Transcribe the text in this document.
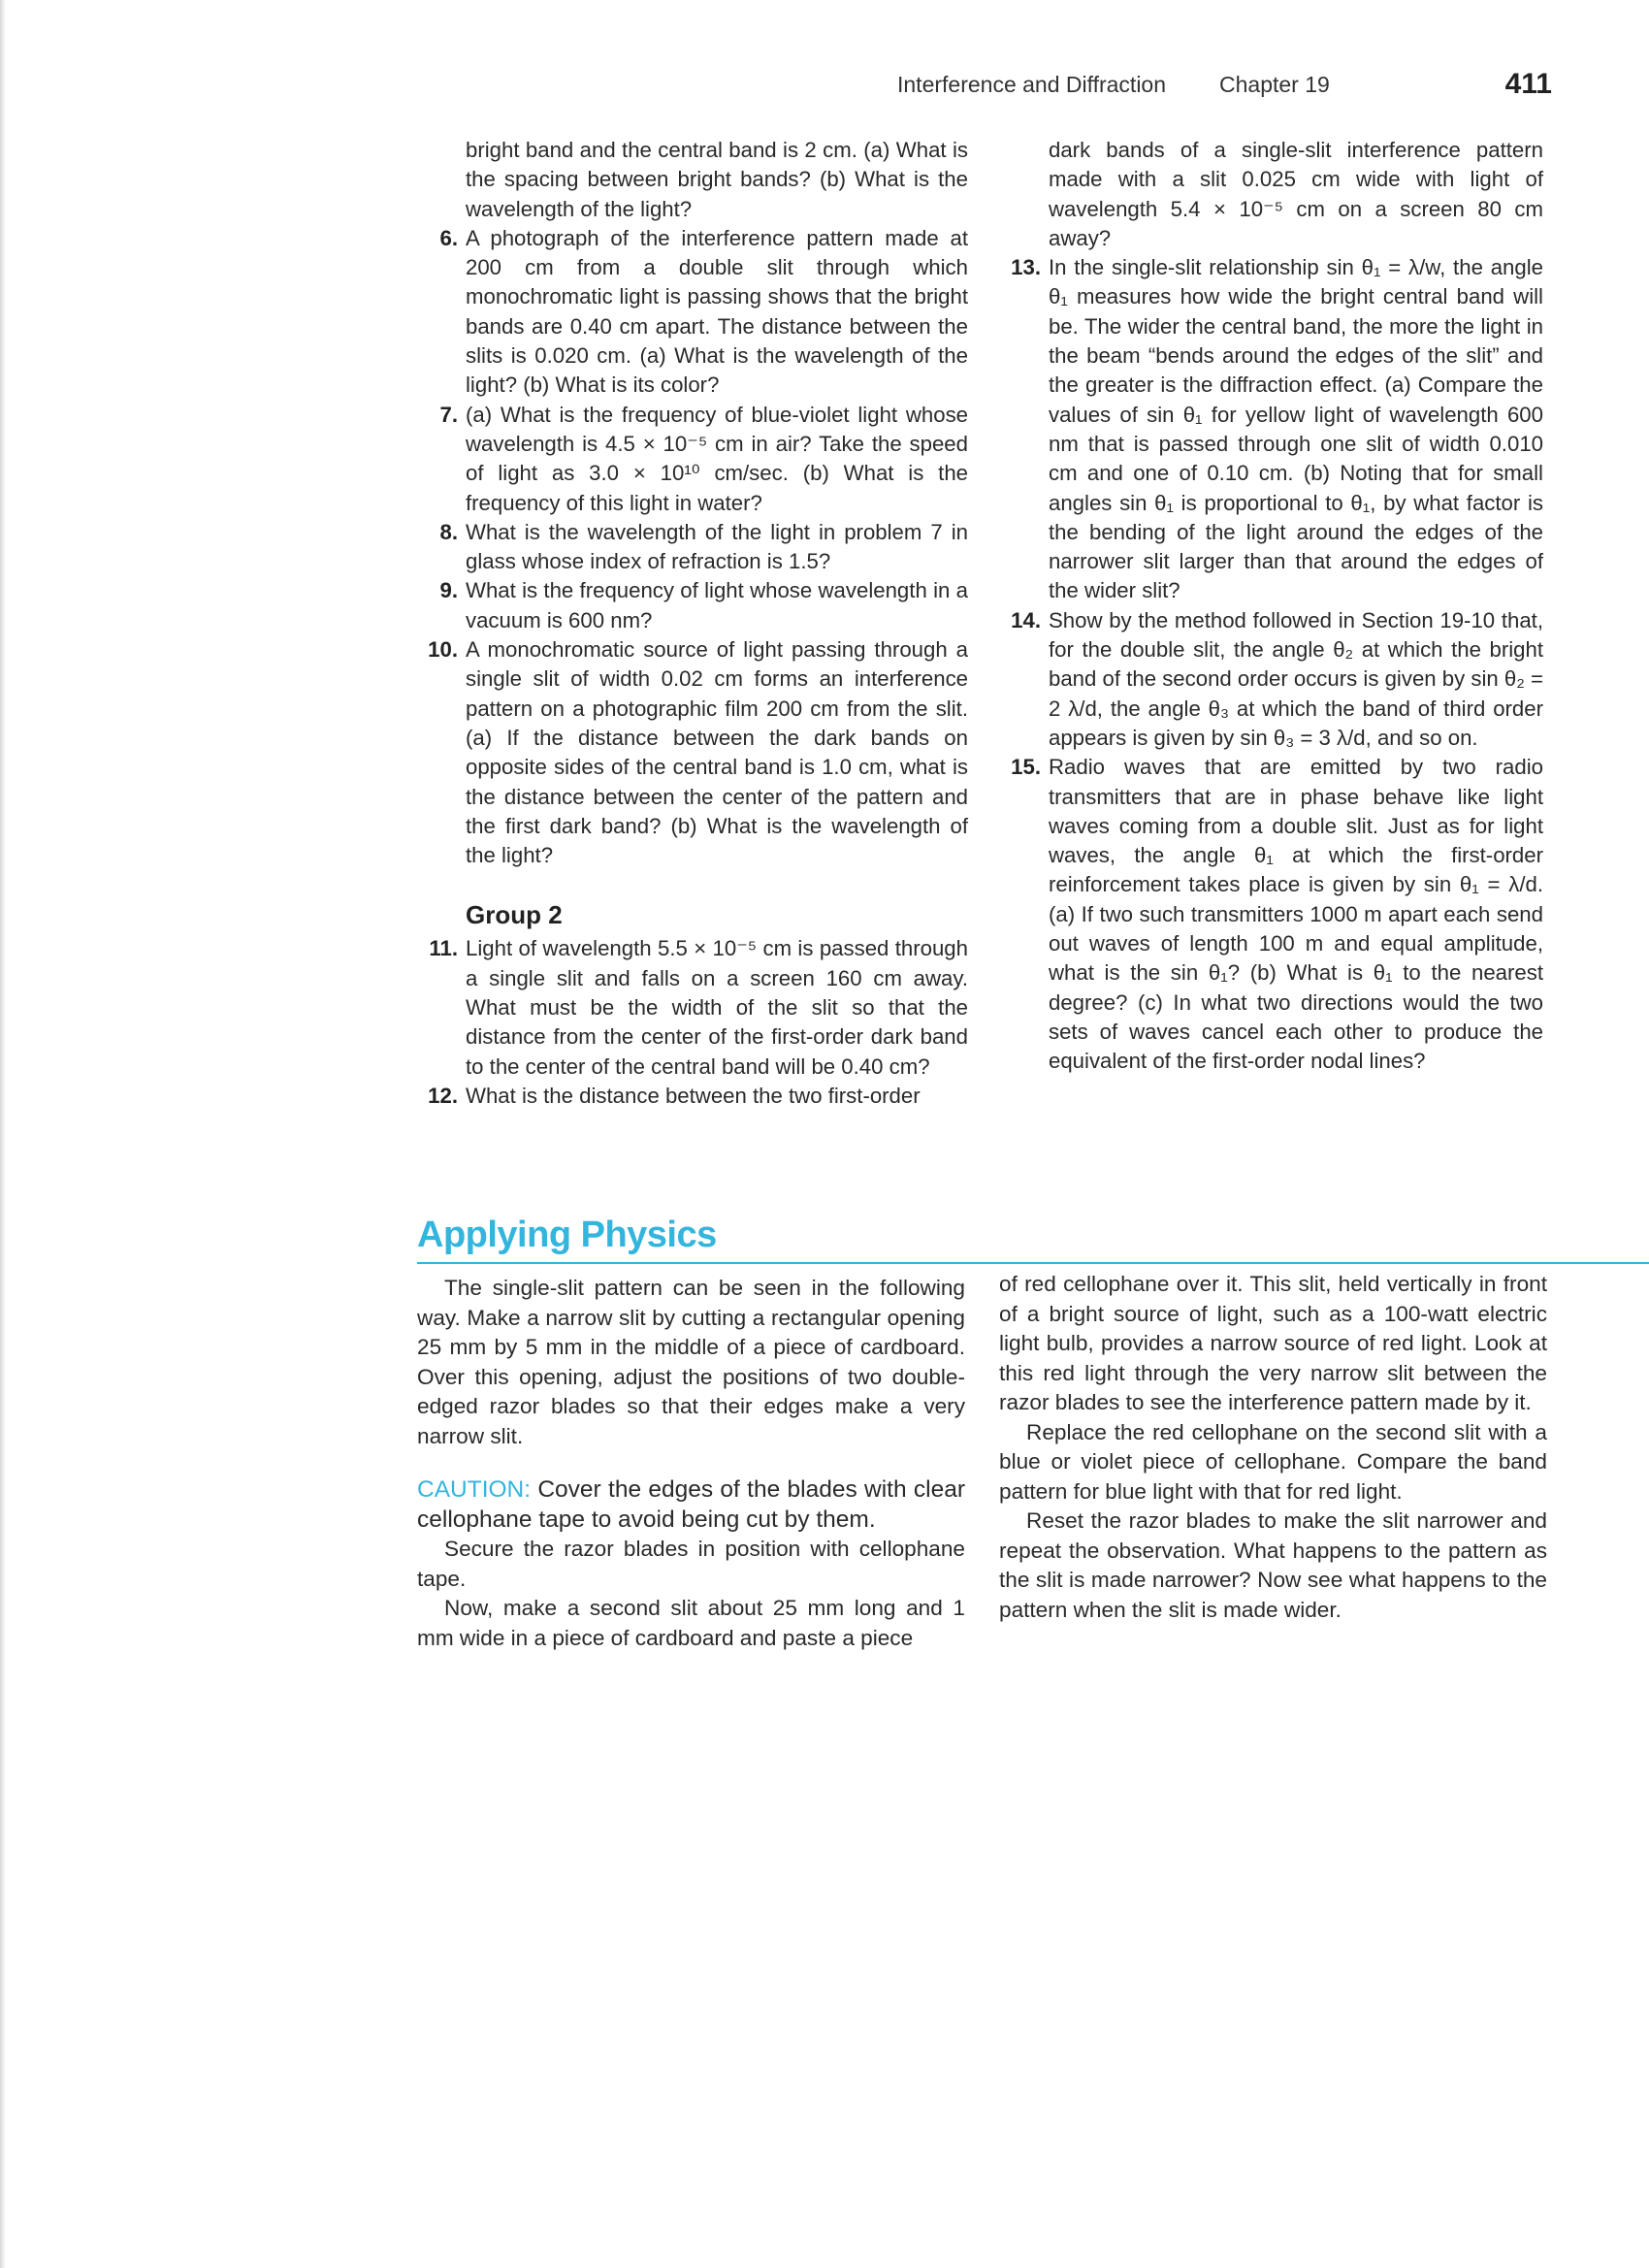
Interference and Diffraction Chapter 19	411

bright band and the central band is 2 cm. (a) What is the spacing between bright bands? (b) What is the wavelength of the light?

6. A photograph of the interference pattern made at 200 cm from a double slit through which monochromatic light is passing shows that the bright bands are 0.40 cm apart. The distance between the slits is 0.020 cm. (a) What is the wavelength of the light? (b) What is its color?

7. (a) What is the frequency of blue-violet light whose wavelength is 4.5 × 10⁻⁵ cm in air? Take the speed of light as 3.0 × 10¹⁰ cm/sec. (b) What is the frequency of this light in water?

8. What is the wavelength of the light in problem 7 in glass whose index of refraction is 1.5?

9. What is the frequency of light whose wavelength in a vacuum is 600 nm?

10. A monochromatic source of light passing through a single slit of width 0.02 cm forms an interference pattern on a photographic film 200 cm from the slit. (a) If the distance between the dark bands on opposite sides of the central band is 1.0 cm, what is the distance between the center of the pattern and the first dark band? (b) What is the wavelength of the light?

Group 2

11. Light of wavelength 5.5 × 10⁻⁵ cm is passed through a single slit and falls on a screen 160 cm away. What must be the width of the slit so that the distance from the center of the first-order dark band to the center of the central band will be 0.40 cm?

12. What is the distance between the two first-order

dark bands of a single-slit interference pattern made with a slit 0.025 cm wide with light of wavelength 5.4 × 10⁻⁵ cm on a screen 80 cm away?

13. In the single-slit relationship sin θ₁ = λ/w, the angle θ₁ measures how wide the bright central band will be. The wider the central band, the more the light in the beam “bends around the edges of the slit” and the greater is the diffraction effect. (a) Compare the values of sin θ₁ for yellow light of wavelength 600 nm that is passed through one slit of width 0.010 cm and one of 0.10 cm. (b) Noting that for small angles sin θ₁ is proportional to θ₁, by what factor is the bending of the light around the edges of the narrower slit larger than that around the edges of the wider slit?

14. Show by the method followed in Section 19-10 that, for the double slit, the angle θ₂ at which the bright band of the second order occurs is given by sin θ₂ = 2 λ/d, the angle θ₃ at which the band of third order appears is given by sin θ₃ = 3 λ/d, and so on.

15. Radio waves that are emitted by two radio transmitters that are in phase behave like light waves coming from a double slit. Just as for light waves, the angle θ₁ at which the first-order reinforcement takes place is given by sin θ₁ = λ/d. (a) If two such transmitters 1000 m apart each send out waves of length 100 m and equal amplitude, what is the sin θ₁? (b) What is θ₁ to the nearest degree? (c) In what two directions would the two sets of waves cancel each other to produce the equivalent of the first-order nodal lines?

Applying Physics

The single-slit pattern can be seen in the following way. Make a narrow slit by cutting a rectangular opening 25 mm by 5 mm in the middle of a piece of cardboard. Over this opening, adjust the positions of two double-edged razor blades so that their edges make a very narrow slit.

CAUTION: Cover the edges of the blades with clear cellophane tape to avoid being cut by them.

Secure the razor blades in position with cellophane tape.

Now, make a second slit about 25 mm long and 1 mm wide in a piece of cardboard and paste a piece

of red cellophane over it. This slit, held vertically in front of a bright source of light, such as a 100-watt electric light bulb, provides a narrow source of red light. Look at this red light through the very narrow slit between the razor blades to see the interference pattern made by it.

Replace the red cellophane on the second slit with a blue or violet piece of cellophane. Compare the band pattern for blue light with that for red light.

Reset the razor blades to make the slit narrower and repeat the observation. What happens to the pattern as the slit is made narrower? Now see what happens to the pattern when the slit is made wider.
